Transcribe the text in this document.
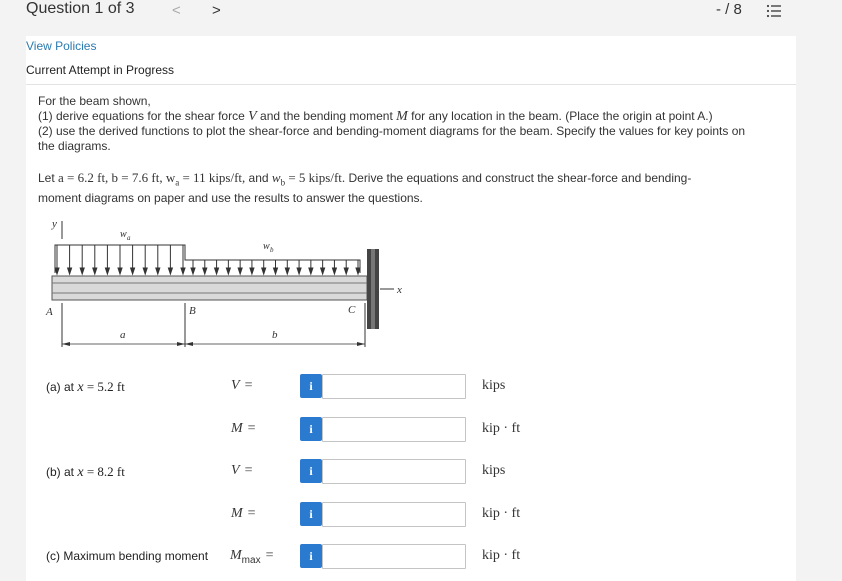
Question 1 of 3 < >	- / 8
View Policies
Current Attempt in Progress
For the beam shown,
(1) derive equations for the shear force V and the bending moment M for any location in the beam. (Place the origin at point A.)
(2) use the derived functions to plot the shear-force and bending-moment diagrams for the beam. Specify the values for key points on
the diagrams.
Let a = 6.2 ft, b = 7.6 ft, $w_a = 11$ kips/ft, and $w_b = 5$ kips/ft. Derive the equations and construct the shear-force and bending-
moment diagrams on paper and use the results to answer the questions.
y
w a
w b
x
A	B	C
a	b
(a) at x = 5.2 ft	V =	i	kips
M =	i	kip · ft
(b) at x = 8.2 ft	V =	i	kips
M =	i	kip · ft
(c) Maximum bending moment $M_{max}$ =	i	kip · ft
